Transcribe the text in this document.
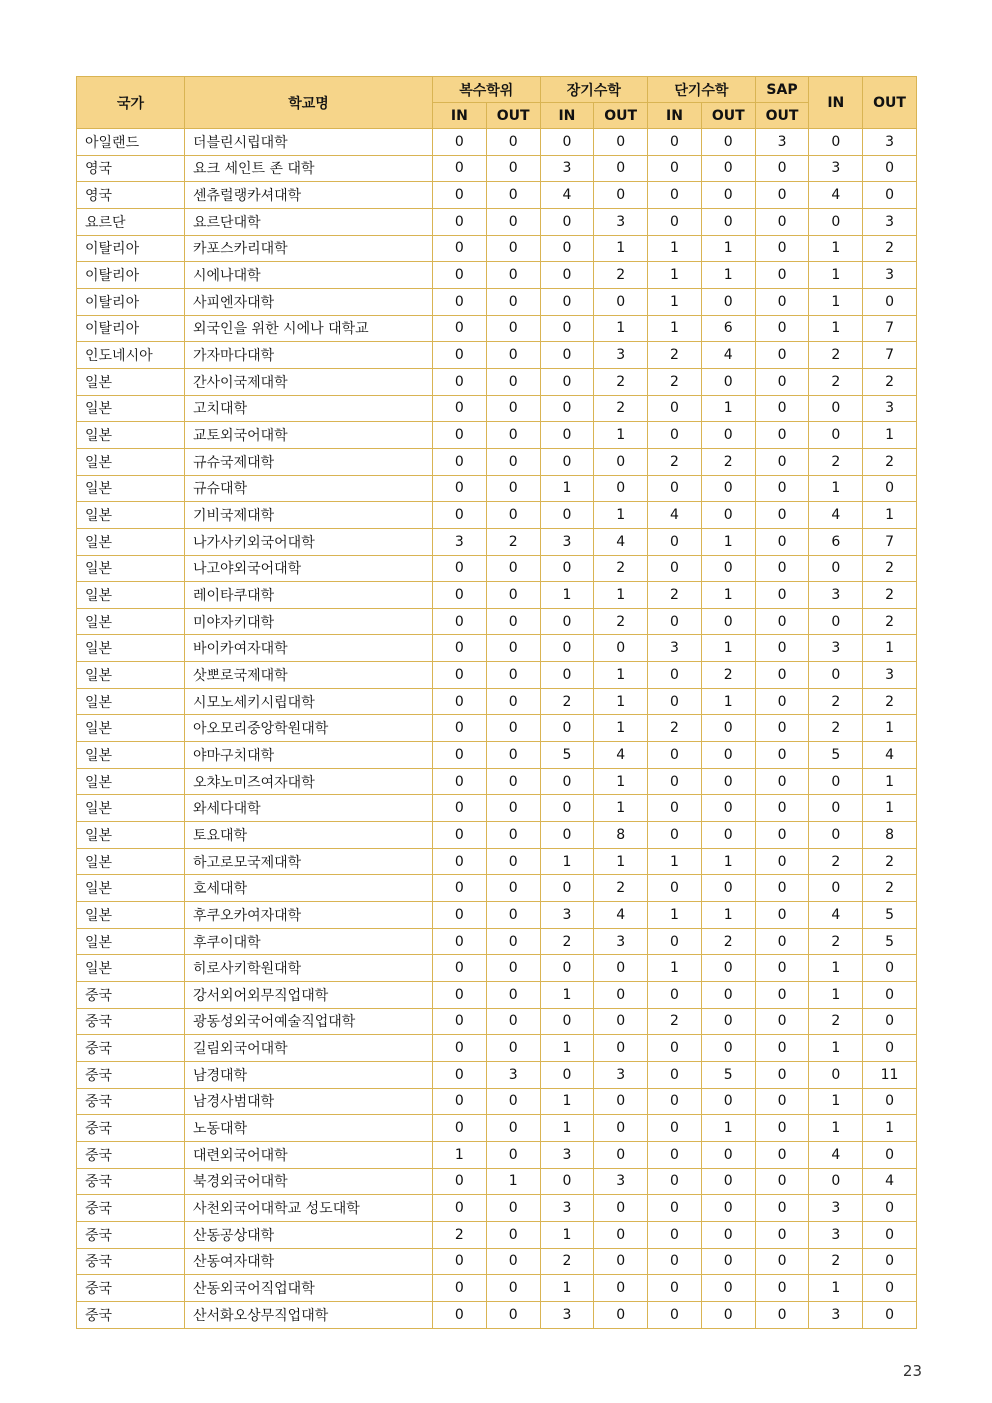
국가	학교명	복수학위		장기수학		단기수학		SAP	IN	OUT
		IN	OUT	IN	OUT	IN	OUT	OUT		
아일랜드	더블린시립대학	0	0	0	0	0	0	3	0	3
영국	요크 세인트 존 대학	0	0	3	0	0	0	0	3	0
영국	센츄럴랭카셔대학	0	0	4	0	0	0	0	4	0
요르단	요르단대학	0	0	0	3	0	0	0	0	3
이탈리아	카포스카리대학	0	0	0	1	1	1	0	1	2
이탈리아	시에나대학	0	0	0	2	1	1	0	1	3
이탈리아	사피엔자대학	0	0	0	0	1	0	0	1	0
이탈리아	외국인을 위한 시에나 대학교	0	0	0	1	1	6	0	1	7
인도네시아	가자마다대학	0	0	0	3	2	4	0	2	7
일본	간사이국제대학	0	0	0	2	2	0	0	2	2
일본	고치대학	0	0	0	2	0	1	0	0	3
일본	교토외국어대학	0	0	0	1	0	0	0	0	1
일본	규슈국제대학	0	0	0	0	2	2	0	2	2
일본	규슈대학	0	0	1	0	0	0	0	1	0
일본	기비국제대학	0	0	0	1	4	0	0	4	1
일본	나가사키외국어대학	3	2	3	4	0	1	0	6	7
일본	나고야외국어대학	0	0	0	2	0	0	0	0	2
일본	레이타쿠대학	0	0	1	1	2	1	0	3	2
일본	미야자키대학	0	0	0	2	0	0	0	0	2
일본	바이카여자대학	0	0	0	0	3	1	0	3	1
일본	삿뽀로국제대학	0	0	0	1	0	2	0	0	3
일본	시모노세키시립대학	0	0	2	1	0	1	0	2	2
일본	아오모리중앙학원대학	0	0	0	1	2	0	0	2	1
일본	야마구치대학	0	0	5	4	0	0	0	5	4
일본	오챠노미즈여자대학	0	0	0	1	0	0	0	0	1
일본	와세다대학	0	0	0	1	0	0	0	0	1
일본	토요대학	0	0	0	8	0	0	0	0	8
일본	하고로모국제대학	0	0	1	1	1	1	0	2	2
일본	호세대학	0	0	0	2	0	0	0	0	2
일본	후쿠오카여자대학	0	0	3	4	1	1	0	4	5
일본	후쿠이대학	0	0	2	3	0	2	0	2	5
일본	히로사키학원대학	0	0	0	0	1	0	0	1	0
중국	강서외어외무직업대학	0	0	1	0	0	0	0	1	0
중국	광동성외국어예술직업대학	0	0	0	0	2	0	0	2	0
중국	길림외국어대학	0	0	1	0	0	0	0	1	0
중국	남경대학	0	3	0	3	0	5	0	0	11
중국	남경사범대학	0	0	1	0	0	0	0	1	0
중국	노동대학	0	0	1	0	0	1	0	1	1
중국	대련외국어대학	1	0	3	0	0	0	0	4	0
중국	북경외국어대학	0	1	0	3	0	0	0	0	4
중국	사천외국어대학교 성도대학	0	0	3	0	0	0	0	3	0
중국	산동공상대학	2	0	1	0	0	0	0	3	0
중국	산동여자대학	0	0	2	0	0	0	0	2	0
중국	산동외국어직업대학	0	0	1	0	0	0	0	1	0
중국	산서화오상무직업대학	0	0	3	0	0	0	0	3	0
23
